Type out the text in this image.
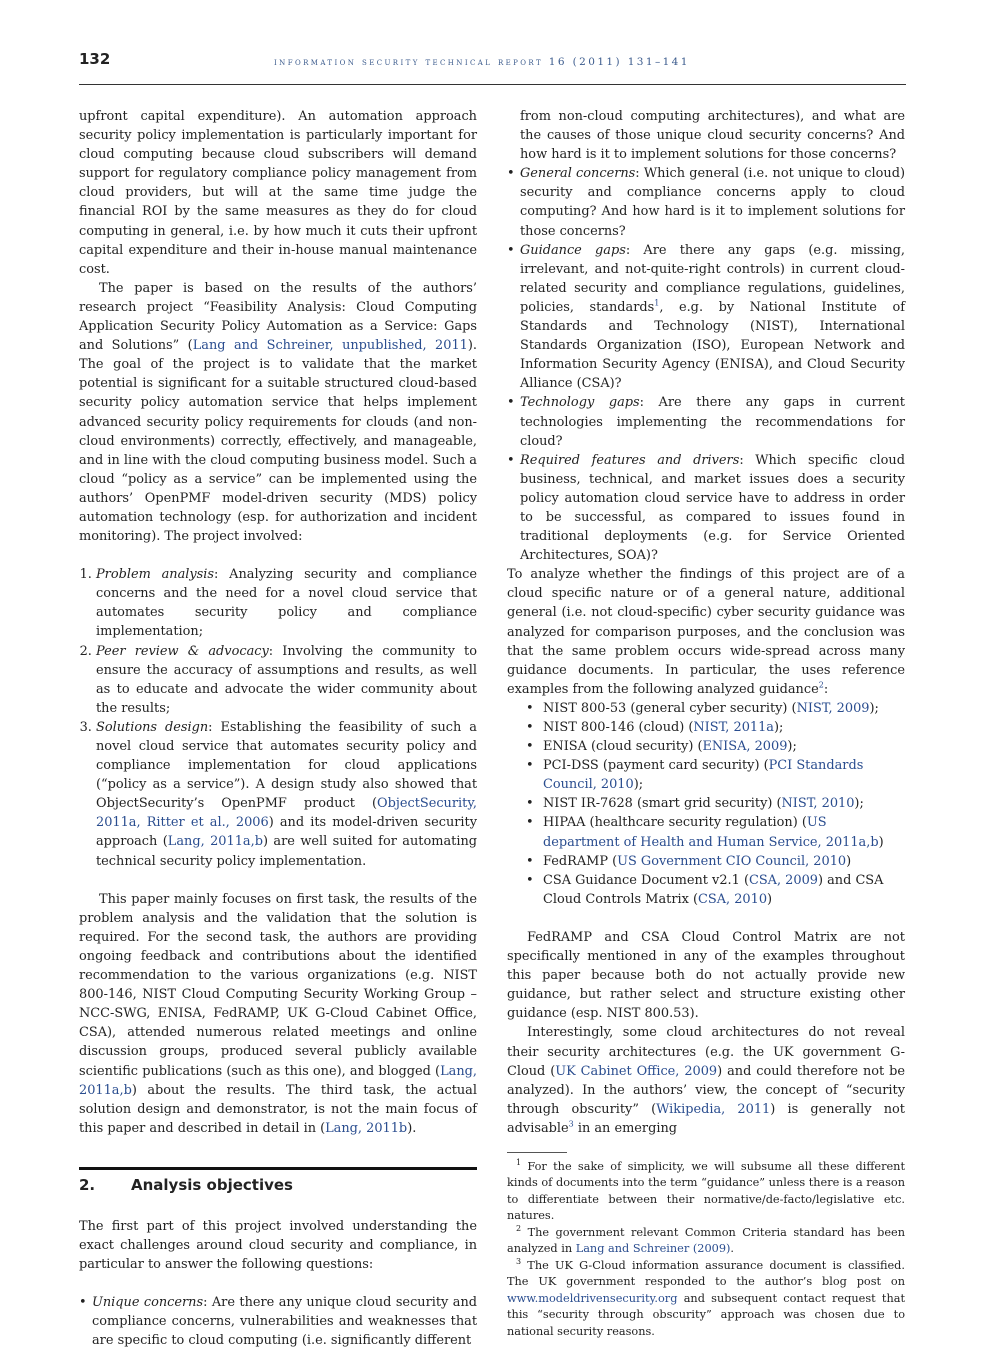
132	information security technical report 16 (2011) 131–141

upfront capital expenditure). An automation approach security policy implementation is particularly important for cloud computing because cloud subscribers will demand support for regulatory compliance policy management from cloud providers, but will at the same time judge the financial ROI by the same measures as they do for cloud computing in general, i.e. by how much it cuts their upfront capital expenditure and their in-house manual maintenance cost.

The paper is based on the results of the authors’ research project “Feasibility Analysis: Cloud Computing Application Security Policy Automation as a Service: Gaps and Solutions” (Lang and Schreiner, unpublished, 2011). The goal of the project is to validate that the market potential is significant for a suitable structured cloud-based security policy automation service that helps implement advanced security policy requirements for clouds (and non-cloud environments) correctly, effectively, and manageable, and in line with the cloud computing business model. Such a cloud “policy as a service” can be implemented using the authors’ OpenPMF model-driven security (MDS) policy automation technology (esp. for authorization and incident monitoring). The project involved:

1. Problem analysis: Analyzing security and compliance concerns and the need for a novel cloud service that automates security policy and compliance implementation;
2. Peer review & advocacy: Involving the community to ensure the accuracy of assumptions and results, as well as to educate and advocate the wider community about the results;
3. Solutions design: Establishing the feasibility of such a novel cloud service that automates security policy and compliance implementation for cloud applications (“policy as a service”). A design study also showed that ObjectSecurity’s OpenPMF product (ObjectSecurity, 2011a, Ritter et al., 2006) and its model-driven security approach (Lang, 2011a,b) are well suited for automating technical security policy implementation.

This paper mainly focuses on first task, the results of the problem analysis and the validation that the solution is required. For the second task, the authors are providing ongoing feedback and contributions about the identified recommendation to the various organizations (e.g. NIST 800-146, NIST Cloud Computing Security Working Group – NCC-SWG, ENISA, FedRAMP, UK G-Cloud Cabinet Office, CSA), attended numerous related meetings and online discussion groups, produced several publicly available scientific publications (such as this one), and blogged (Lang, 2011a,b) about the results. The third task, the actual solution design and demonstrator, is not the main focus of this paper and described in detail in (Lang, 2011b).

2. Analysis objectives

The first part of this project involved understanding the exact challenges around cloud security and compliance, in particular to answer the following questions:

• Unique concerns: Are there any unique cloud security and compliance concerns, vulnerabilities and weaknesses that are specific to cloud computing (i.e. significantly different
from non-cloud computing architectures), and what are the causes of those unique cloud security concerns? And how hard is it to implement solutions for those concerns?
• General concerns: Which general (i.e. not unique to cloud) security and compliance concerns apply to cloud computing? And how hard is it to implement solutions for those concerns?
• Guidance gaps: Are there any gaps (e.g. missing, irrelevant, and not-quite-right controls) in current cloud-related security and compliance regulations, guidelines, policies, standards$^1$, e.g. by National Institute of Standards and Technology (NIST), International Standards Organization (ISO), European Network and Information Security Agency (ENISA), and Cloud Security Alliance (CSA)?
• Technology gaps: Are there any gaps in current technologies implementing the recommendations for cloud?
• Required features and drivers: Which specific cloud business, technical, and market issues does a security policy automation cloud service have to address in order to be successful, as compared to issues found in traditional deployments (e.g. for Service Oriented Architectures, SOA)?

To analyze whether the findings of this project are of a cloud specific nature or of a general nature, additional general (i.e. not cloud-specific) cyber security guidance was analyzed for comparison purposes, and the conclusion was that the same problem occurs wide-spread across many guidance documents. In particular, the uses reference examples from the following analyzed guidance$^2$:

• NIST 800-53 (general cyber security) (NIST, 2009);
• NIST 800-146 (cloud) (NIST, 2011a);
• ENISA (cloud security) (ENISA, 2009);
• PCI-DSS (payment card security) (PCI Standards Council, 2010);
• NIST IR-7628 (smart grid security) (NIST, 2010);
• HIPAA (healthcare security regulation) (US department of Health and Human Service, 2011a,b)
• FedRAMP (US Government CIO Council, 2010)
• CSA Guidance Document v2.1 (CSA, 2009) and CSA Cloud Controls Matrix (CSA, 2010)

FedRAMP and CSA Cloud Control Matrix are not specifically mentioned in any of the examples throughout this paper because both do not actually provide new guidance, but rather select and structure existing other guidance (esp. NIST 800.53).

Interestingly, some cloud architectures do not reveal their security architectures (e.g. the UK government G-Cloud (UK Cabinet Office, 2009) and could therefore not be analyzed). In the authors’ view, the concept of “security through obscurity” (Wikipedia, 2011) is generally not advisable$^3$ in an emerging

$^1$ For the sake of simplicity, we will subsume all these different kinds of documents into the term “guidance” unless there is a reason to differentiate between their normative/de-facto/legislative etc. natures.

$^2$ The government relevant Common Criteria standard has been analyzed in Lang and Schreiner (2009).

$^3$ The UK G-Cloud information assurance document is classified. The UK government responded to the author’s blog post on www.modeldrivensecurity.org and subsequent contact request that this “security through obscurity” approach was chosen due to national security reasons.
